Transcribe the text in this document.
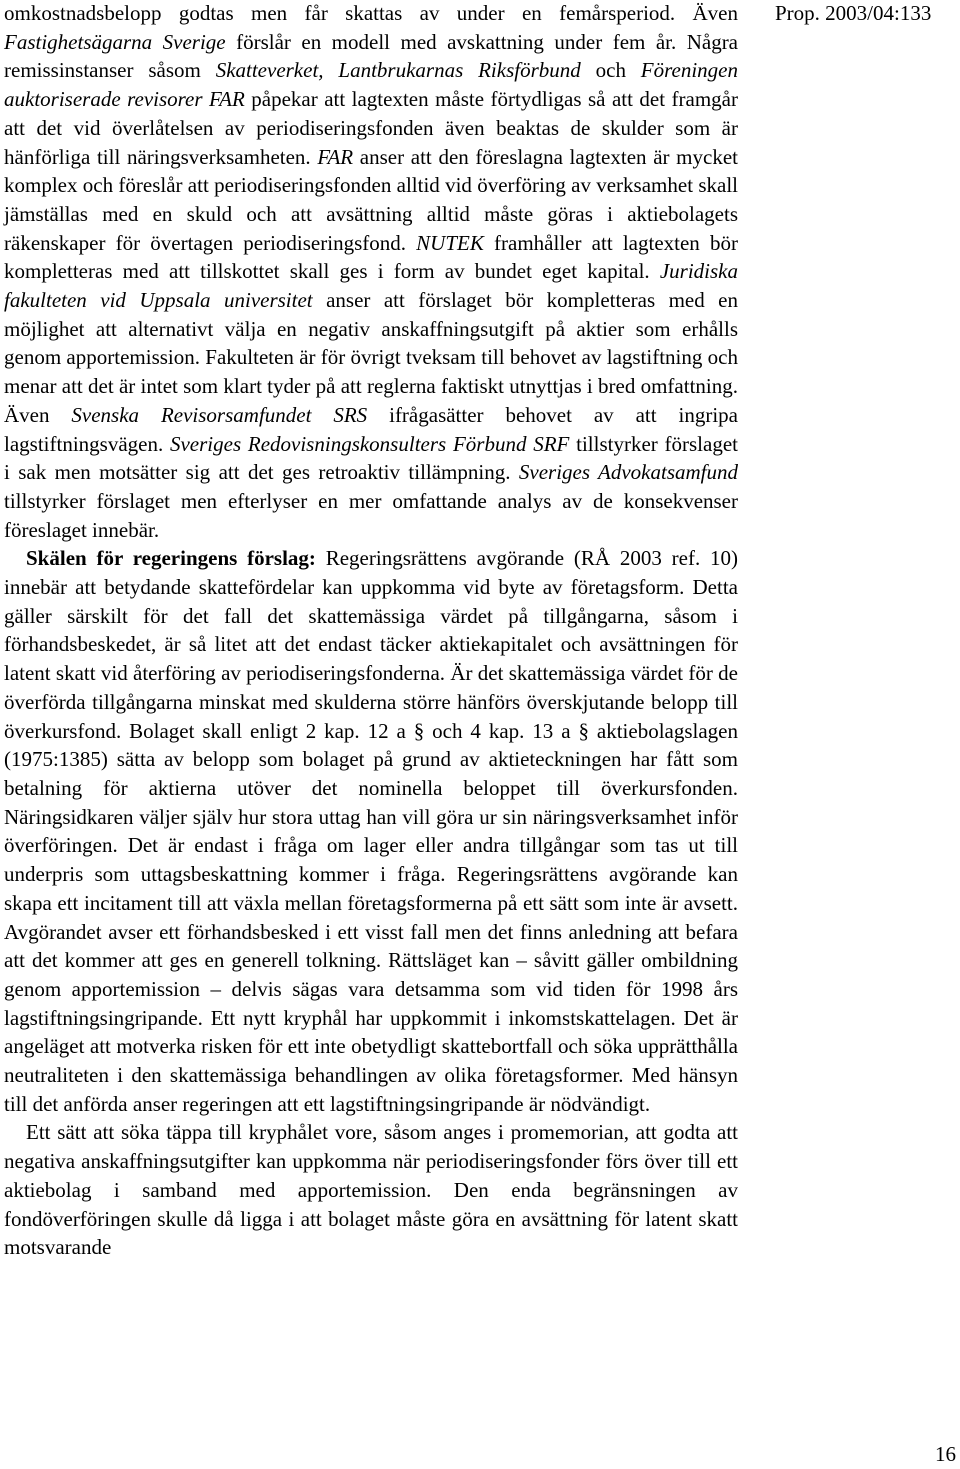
Prop. 2003/04:133

omkostnadsbelopp godtas men får skattas av under en femårsperiod. Även Fastighetsägarna Sverige förslår en modell med avskattning under fem år. Några remissinstanser såsom Skatteverket, Lantbrukarnas Riksförbund och Föreningen auktoriserade revisorer FAR påpekar att lagtexten måste förtydligas så att det framgår att det vid överlåtelsen av periodiseringsfonden även beaktas de skulder som är hänförliga till näringsverksamheten. FAR anser att den föreslagna lagtexten är mycket komplex och föreslår att periodiseringsfonden alltid vid överföring av verksamhet skall jämställas med en skuld och att avsättning alltid måste göras i aktiebolagets räkenskaper för övertagen periodiseringsfond. NUTEK framhåller att lagtexten bör kompletteras med att tillskottet skall ges i form av bundet eget kapital. Juridiska fakulteten vid Uppsala universitet anser att förslaget bör kompletteras med en möjlighet att alternativt välja en negativ anskaffningsutgift på aktier som erhålls genom apportemission. Fakulteten är för övrigt tveksam till behovet av lagstiftning och menar att det är intet som klart tyder på att reglerna faktiskt utnyttjas i bred omfattning. Även Svenska Revisorsamfundet SRS ifrågasätter behovet av att ingripa lagstiftningsvägen. Sveriges Redovisningskonsulters Förbund SRF tillstyrker förslaget i sak men motsätter sig att det ges retroaktiv tillämpning. Sveriges Advokatsamfund tillstyrker förslaget men efterlyser en mer omfattande analys av de konsekvenser föreslaget innebär.

Skälen för regeringens förslag: Regeringsrättens avgörande (RÅ 2003 ref. 10) innebär att betydande skattefördelar kan uppkomma vid byte av företagsform. Detta gäller särskilt för det fall det skattemässiga värdet på tillgångarna, såsom i förhandsbeskedet, är så litet att det endast täcker aktiekapitalet och avsättningen för latent skatt vid återföring av periodiseringsfonderna. Är det skattemässiga värdet för de överförda tillgångarna minskat med skulderna större hänförs överskjutande belopp till överkursfond. Bolaget skall enligt 2 kap. 12 a § och 4 kap. 13 a § aktiebolagslagen (1975:1385) sätta av belopp som bolaget på grund av aktieteckningen har fått som betalning för aktierna utöver det nominella beloppet till överkursfonden. Näringsidkaren väljer själv hur stora uttag han vill göra ur sin näringsverksamhet inför överföringen. Det är endast i fråga om lager eller andra tillgångar som tas ut till underpris som uttagsbeskattning kommer i fråga. Regeringsrättens avgörande kan skapa ett incitament till att växla mellan företagsformerna på ett sätt som inte är avsett. Avgörandet avser ett förhandsbesked i ett visst fall men det finns anledning att befara att det kommer att ges en generell tolkning. Rättsläget kan – såvitt gäller ombildning genom apportemission – delvis sägas vara detsamma som vid tiden för 1998 års lagstiftningsingripande. Ett nytt kryphål har uppkommit i inkomstskattelagen. Det är angeläget att motverka risken för ett inte obetydligt skattebortfall och söka upprätthålla neutraliteten i den skattemässiga behandlingen av olika företagsformer. Med hänsyn till det anförda anser regeringen att ett lagstiftningsingripande är nödvändigt.

Ett sätt att söka täppa till kryphålet vore, såsom anges i promemorian, att godta att negativa anskaffningsutgifter kan uppkomma när periodiseringsfonder förs över till ett aktiebolag i samband med apportemission. Den enda begränsningen av fondöverföringen skulle då ligga i att bolaget måste göra en avsättning för latent skatt motsvarande

16
